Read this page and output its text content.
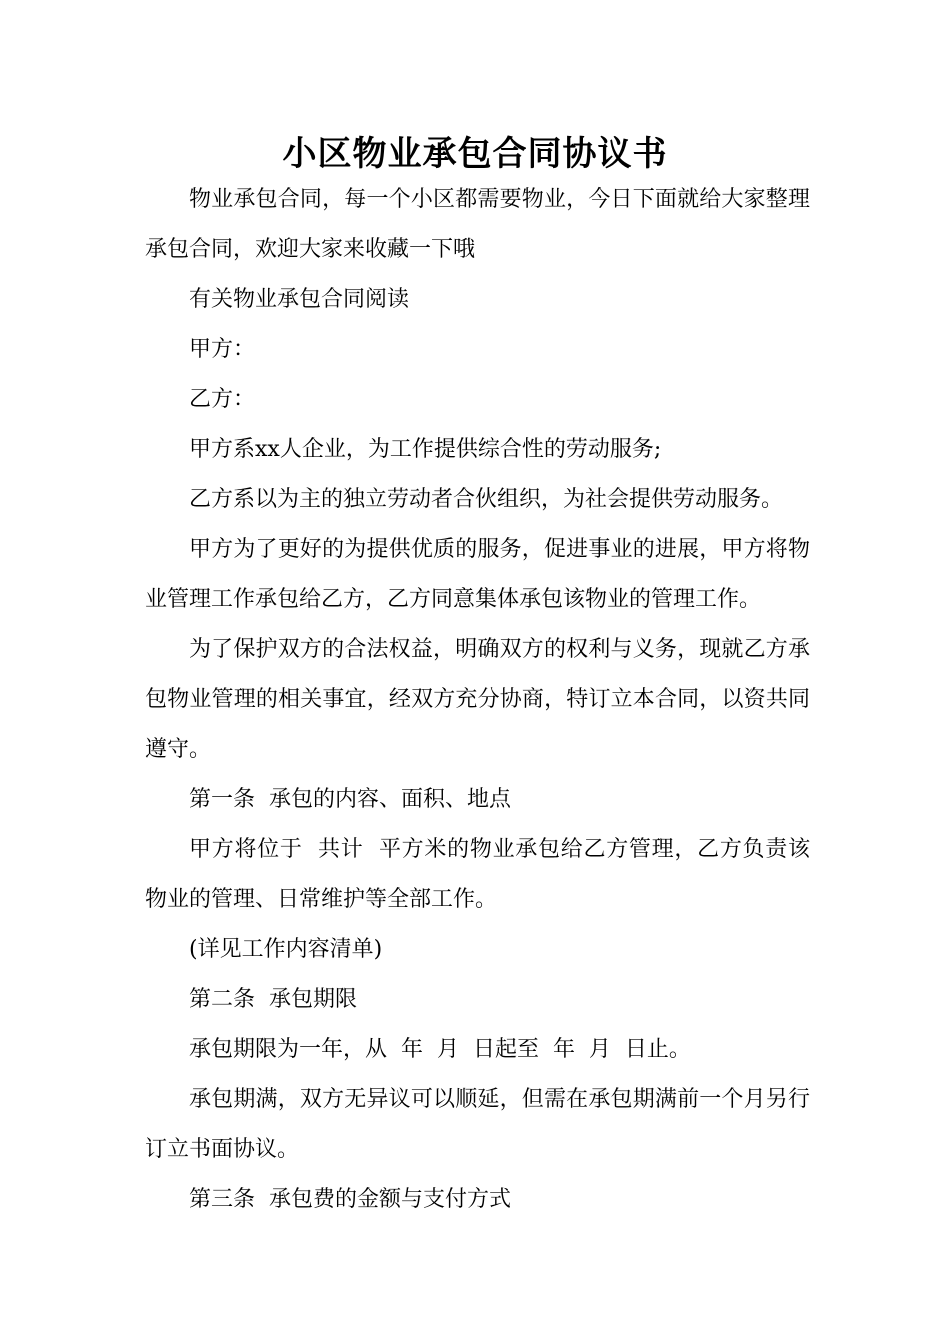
小区物业承包合同协议书

物业承包合同，每一个小区都需要物业，今日下面就给大家整理承包合同，欢迎大家来收藏一下哦

有关物业承包合同阅读

甲方：

乙方：

甲方系xx人企业，为工作提供综合性的劳动服务;

乙方系以为主的独立劳动者合伙组织，为社会提供劳动服务。

甲方为了更好的为提供优质的服务，促进事业的进展，甲方将物业管理工作承包给乙方，乙方同意集体承包该物业的管理工作。

为了保护双方的合法权益，明确双方的权利与义务，现就乙方承包物业管理的相关事宜，经双方充分协商，特订立本合同，以资共同遵守。

第一条  承包的内容、面积、地点

甲方将位于  共计  平方米的物业承包给乙方管理，乙方负责该物业的管理、日常维护等全部工作。

(详见工作内容清单)

第二条  承包期限

承包期限为一年，从  年  月  日起至  年  月  日止。

承包期满，双方无异议可以顺延，但需在承包期满前一个月另行订立书面协议。

第三条  承包费的金额与支付方式
